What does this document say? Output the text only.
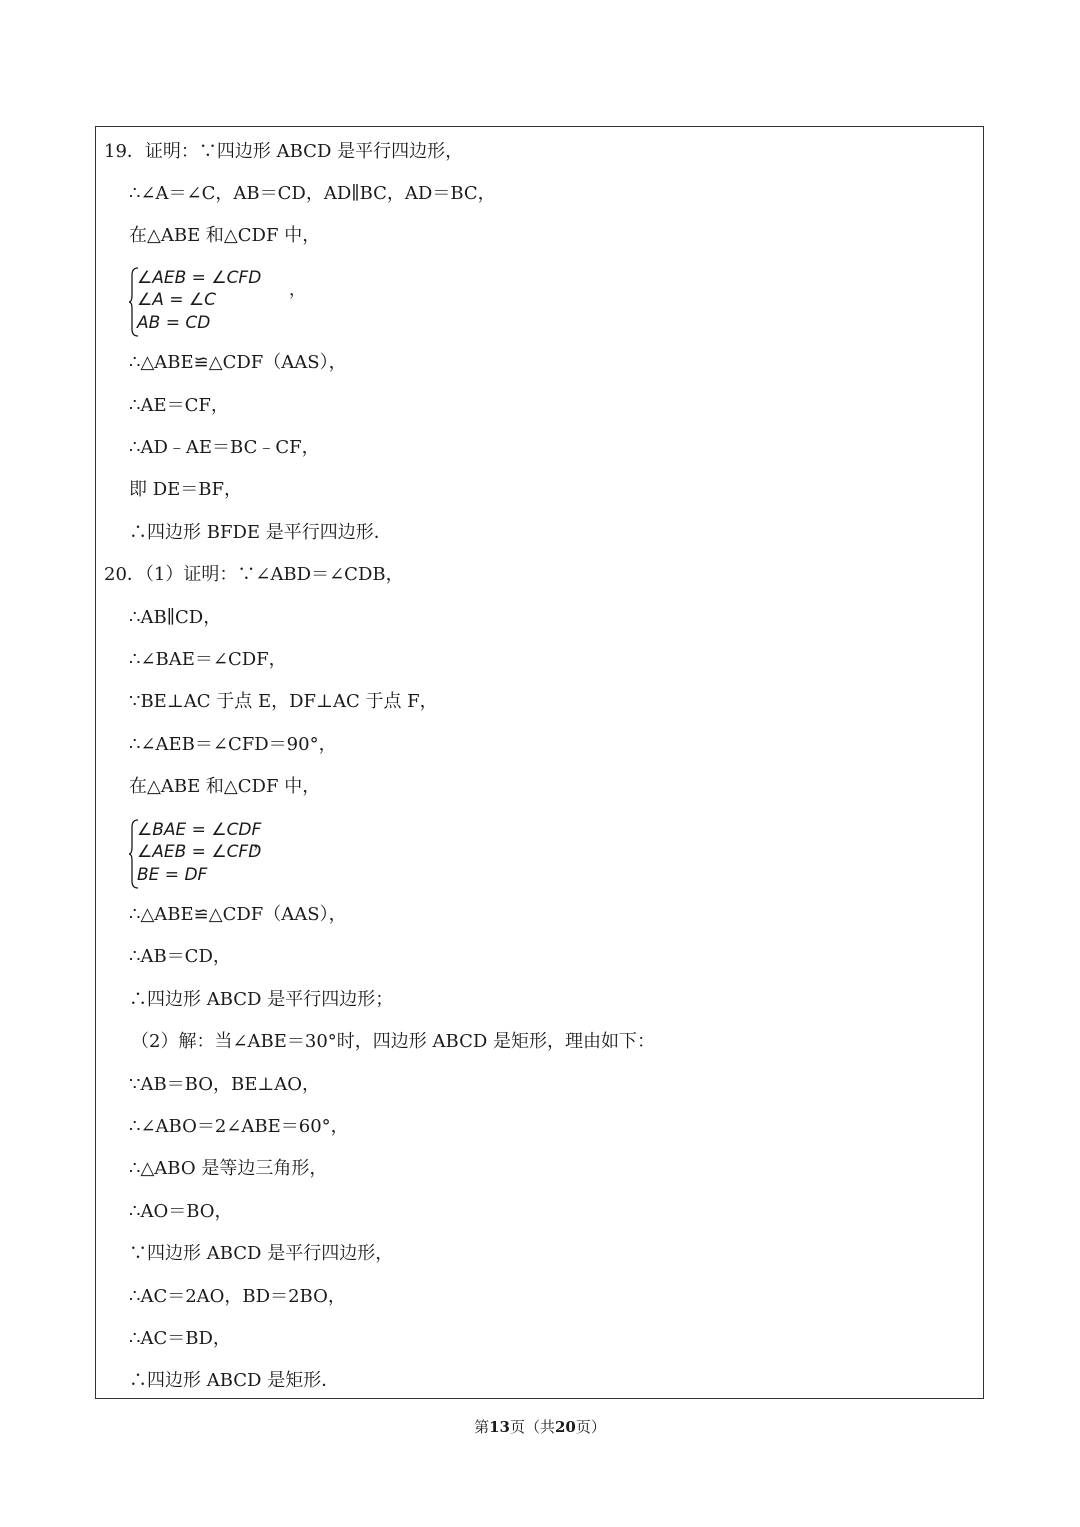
19．证明：∵四边形 ABCD 是平行四边形，
∴∠A＝∠C，AB＝CD，AD∥BC，AD＝BC，
在△ABE 和△CDF 中，
∠AEB = ∠CFD
∠A = ∠C
AB = CD
，
∴△ABE≌△CDF（AAS），
∴AE＝CF，
∴AD﹣AE＝BC﹣CF，
即 DE＝BF，
∴四边形 BFDE 是平行四边形．
20．（1）证明：∵∠ABD＝∠CDB，
∴AB∥CD，
∴∠BAE＝∠CDF，
∵BE⊥AC 于点 E，DF⊥AC 于点 F，
∴∠AEB＝∠CFD＝90°，
在△ABE 和△CDF 中，
∠BAE = ∠CDF
∠AEB = ∠CFD
BE = DF
，
∴△ABE≌△CDF（AAS），
∴AB＝CD，
∴四边形 ABCD 是平行四边形；
（2）解：当∠ABE＝30°时，四边形 ABCD 是矩形，理由如下：
∵AB＝BO，BE⊥AO，
∴∠ABO＝2∠ABE＝60°，
∴△ABO 是等边三角形，
∴AO＝BO，
∵四边形 ABCD 是平行四边形，
∴AC＝2AO，BD＝2BO，
∴AC＝BD，
∴四边形 ABCD 是矩形．
第13页（共20页）
